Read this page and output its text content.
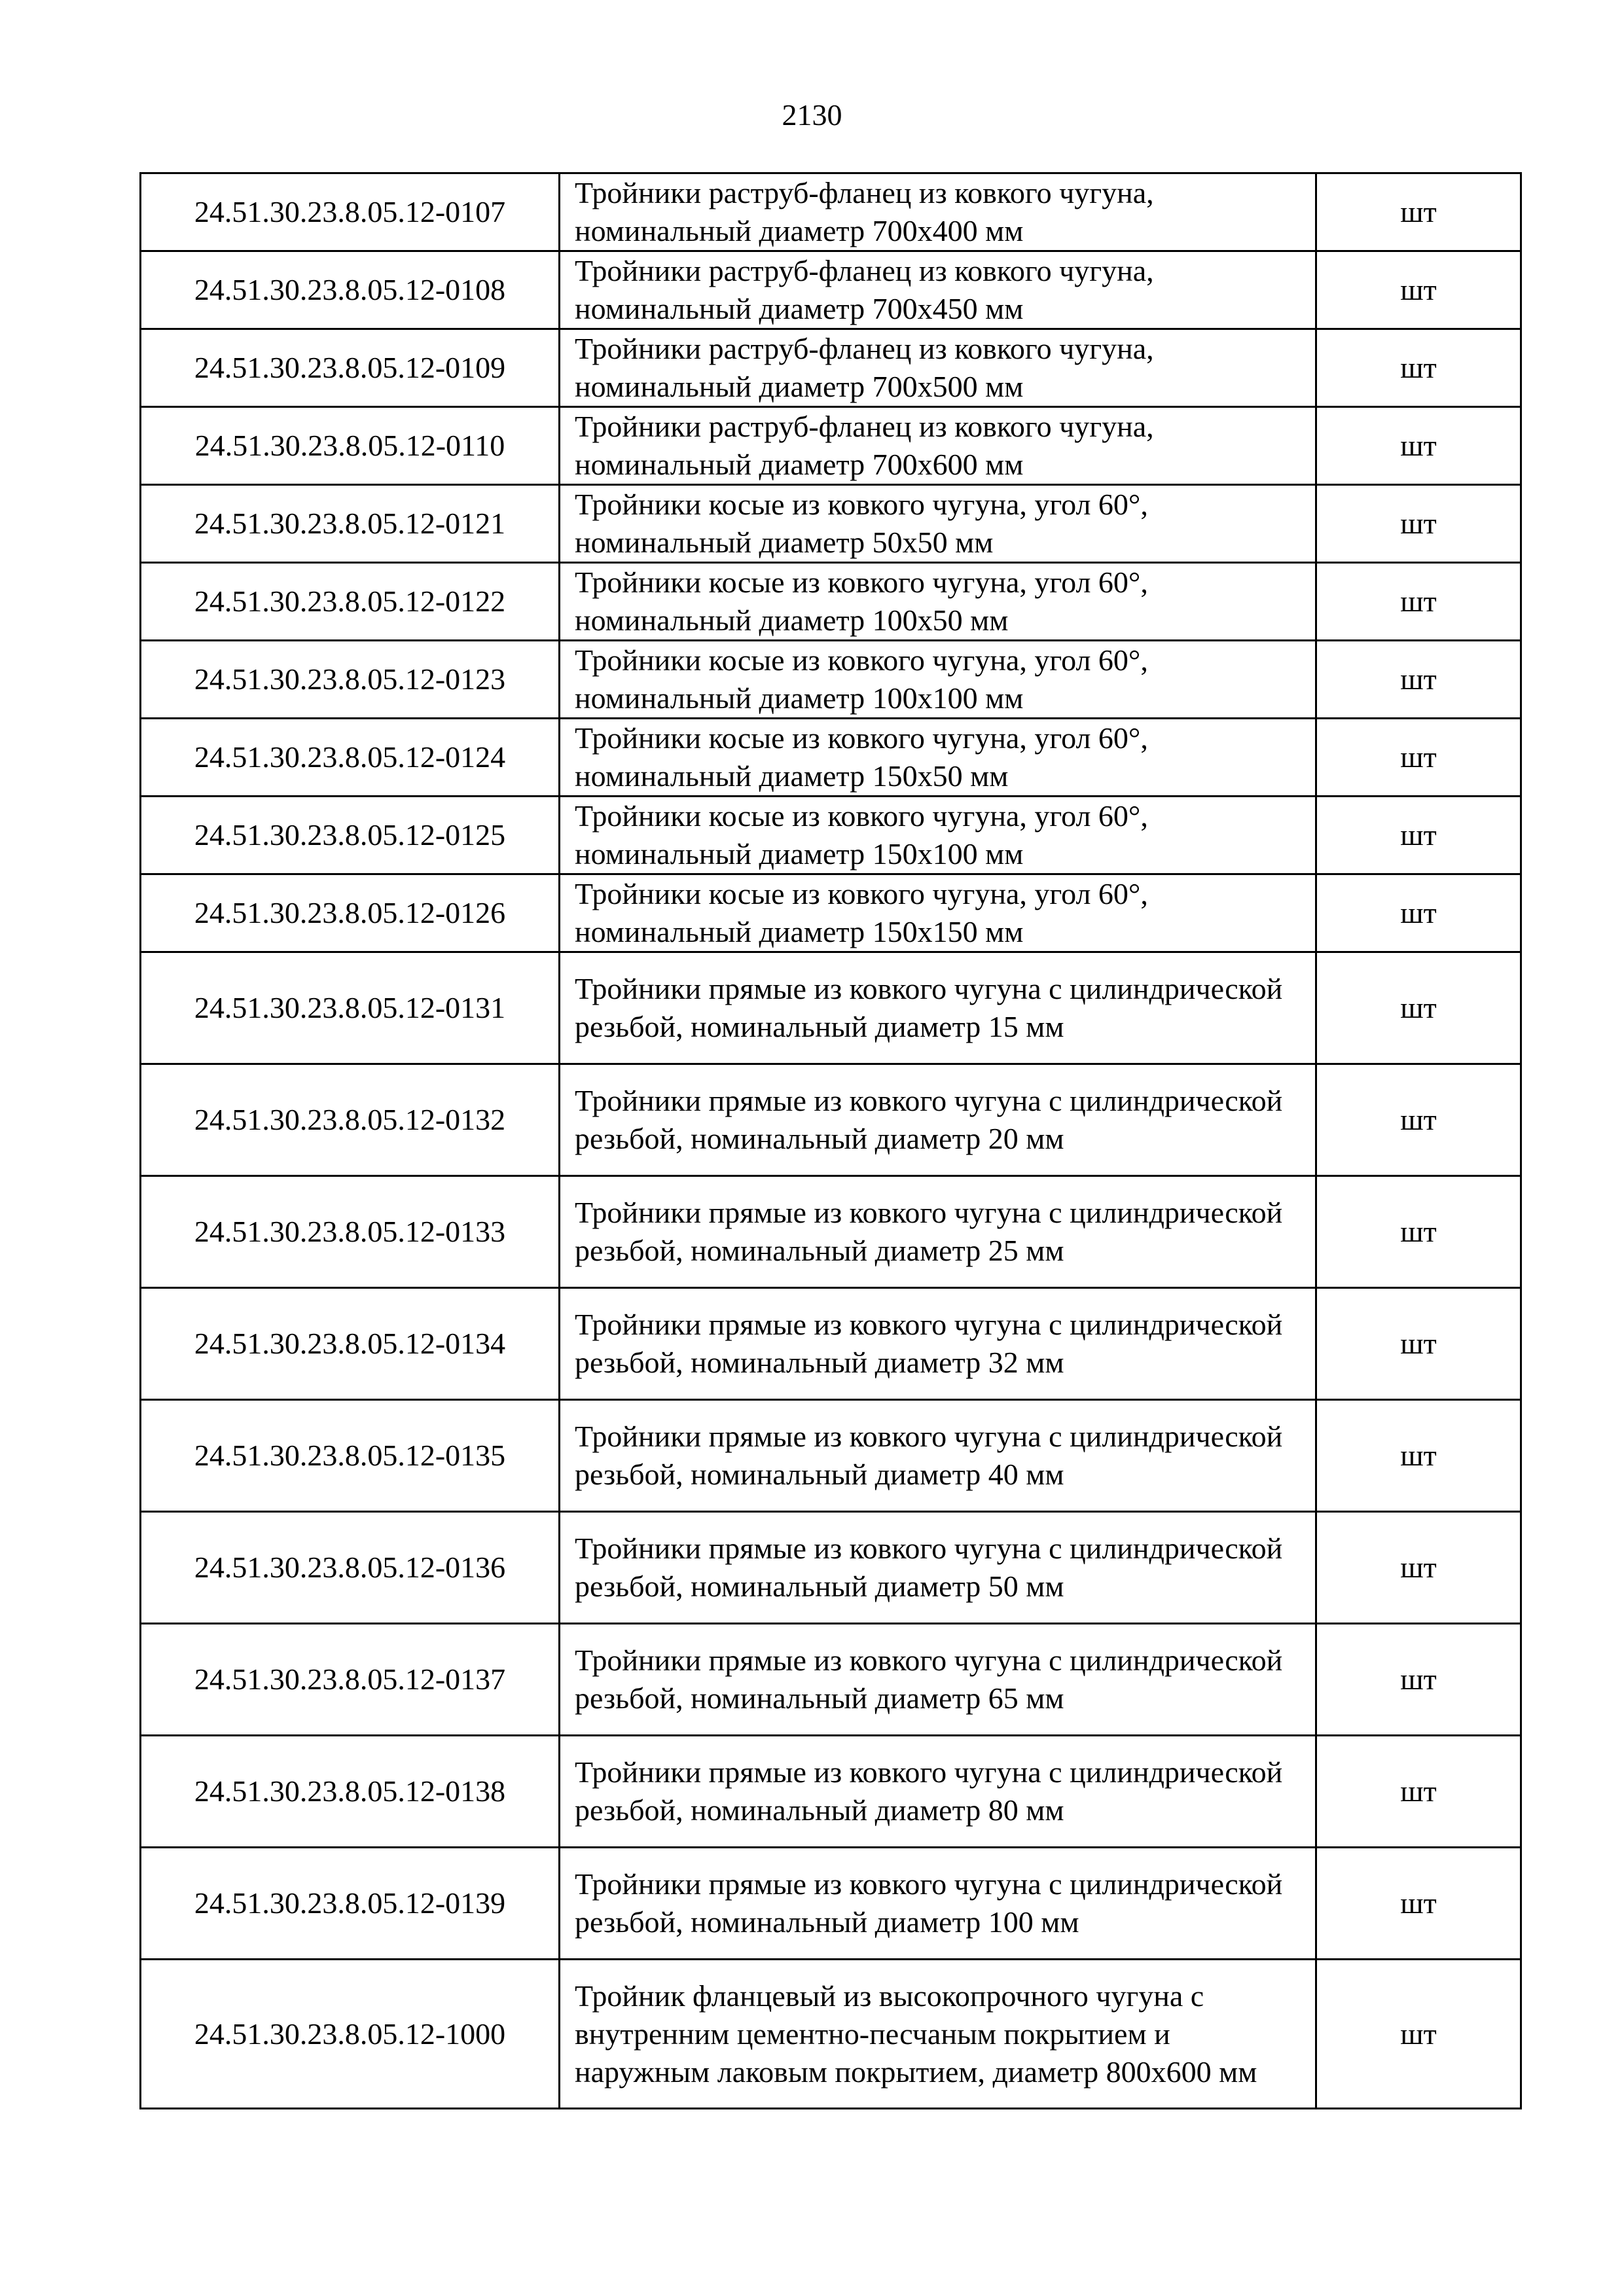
2130
24.51.30.23.8.05.12-0107	Тройники раструб-фланец из ковкого чугуна, номинальный диаметр 700x400 мм	шт
24.51.30.23.8.05.12-0108	Тройники раструб-фланец из ковкого чугуна, номинальный диаметр 700x450 мм	шт
24.51.30.23.8.05.12-0109	Тройники раструб-фланец из ковкого чугуна, номинальный диаметр 700x500 мм	шт
24.51.30.23.8.05.12-0110	Тройники раструб-фланец из ковкого чугуна, номинальный диаметр 700x600 мм	шт
24.51.30.23.8.05.12-0121	Тройники косые из ковкого чугуна, угол 60°, номинальный диаметр 50x50 мм	шт
24.51.30.23.8.05.12-0122	Тройники косые из ковкого чугуна, угол 60°, номинальный диаметр 100x50 мм	шт
24.51.30.23.8.05.12-0123	Тройники косые из ковкого чугуна, угол 60°, номинальный диаметр 100x100 мм	шт
24.51.30.23.8.05.12-0124	Тройники косые из ковкого чугуна, угол 60°, номинальный диаметр 150x50 мм	шт
24.51.30.23.8.05.12-0125	Тройники косые из ковкого чугуна, угол 60°, номинальный диаметр 150x100 мм	шт
24.51.30.23.8.05.12-0126	Тройники косые из ковкого чугуна, угол 60°, номинальный диаметр 150x150 мм	шт
24.51.30.23.8.05.12-0131	Тройники прямые из ковкого чугуна с цилиндрической резьбой, номинальный диаметр 15 мм	шт
24.51.30.23.8.05.12-0132	Тройники прямые из ковкого чугуна с цилиндрической резьбой, номинальный диаметр 20 мм	шт
24.51.30.23.8.05.12-0133	Тройники прямые из ковкого чугуна с цилиндрической резьбой, номинальный диаметр 25 мм	шт
24.51.30.23.8.05.12-0134	Тройники прямые из ковкого чугуна с цилиндрической резьбой, номинальный диаметр 32 мм	шт
24.51.30.23.8.05.12-0135	Тройники прямые из ковкого чугуна с цилиндрической резьбой, номинальный диаметр 40 мм	шт
24.51.30.23.8.05.12-0136	Тройники прямые из ковкого чугуна с цилиндрической резьбой, номинальный диаметр 50 мм	шт
24.51.30.23.8.05.12-0137	Тройники прямые из ковкого чугуна с цилиндрической резьбой, номинальный диаметр 65 мм	шт
24.51.30.23.8.05.12-0138	Тройники прямые из ковкого чугуна с цилиндрической резьбой, номинальный диаметр 80 мм	шт
24.51.30.23.8.05.12-0139	Тройники прямые из ковкого чугуна с цилиндрической резьбой, номинальный диаметр 100 мм	шт
24.51.30.23.8.05.12-1000	Тройник фланцевый из высокопрочного чугуна с внутренним цементно-песчаным покрытием и наружным лаковым покрытием, диаметр 800x600 мм	шт
